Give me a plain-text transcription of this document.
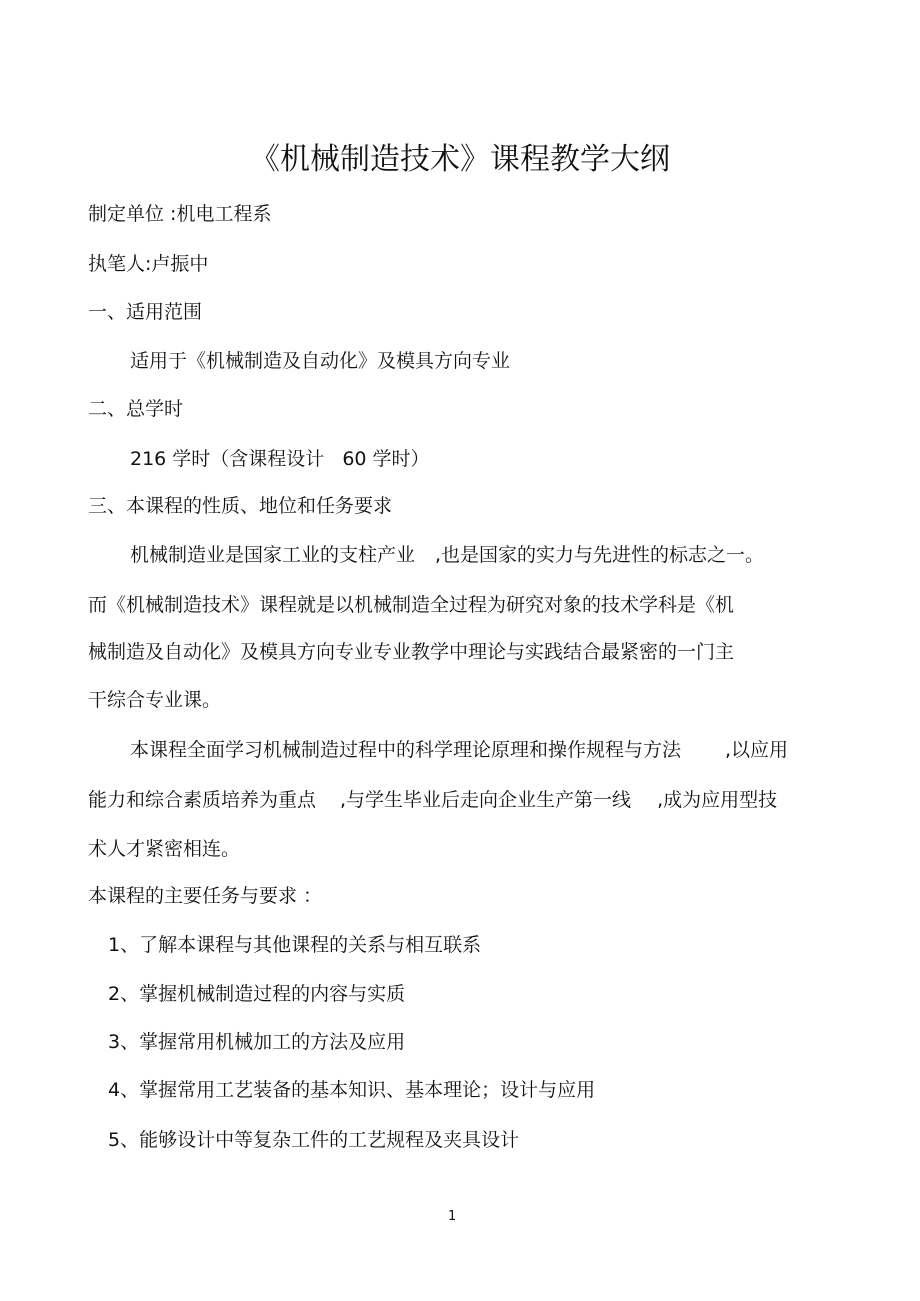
《机械制造技术》课程教学大纲
制定单位 :机电工程系
执笔人:卢振中
一、适用范围
适用于《机械制造及自动化》及模具方向专业
二、总学时
216 学时（含课程设计 60 学时）
三、本课程的性质、地位和任务要求
机械制造业是国家工业的支柱产业 ,也是国家的实力与先进性的标志之一。
而《机械制造技术》课程就是以机械制造全过程为研究对象的技术学科是《机
械制造及自动化》及模具方向专业专业教学中理论与实践结合最紧密的一门主
干综合专业课。
本课程全面学习机械制造过程中的科学理论原理和操作规程与方法 ,以应用
能力和综合素质培养为重点 ,与学生毕业后走向企业生产第一线 ,成为应用型技
术人才紧密相连。
本课程的主要任务与要求 ：
1、了解本课程与其他课程的关系与相互联系
2、掌握机械制造过程的内容与实质
3、掌握常用机械加工的方法及应用
4、掌握常用工艺装备的基本知识、基本理论；设计与应用
5、能够设计中等复杂工件的工艺规程及夹具设计
1
